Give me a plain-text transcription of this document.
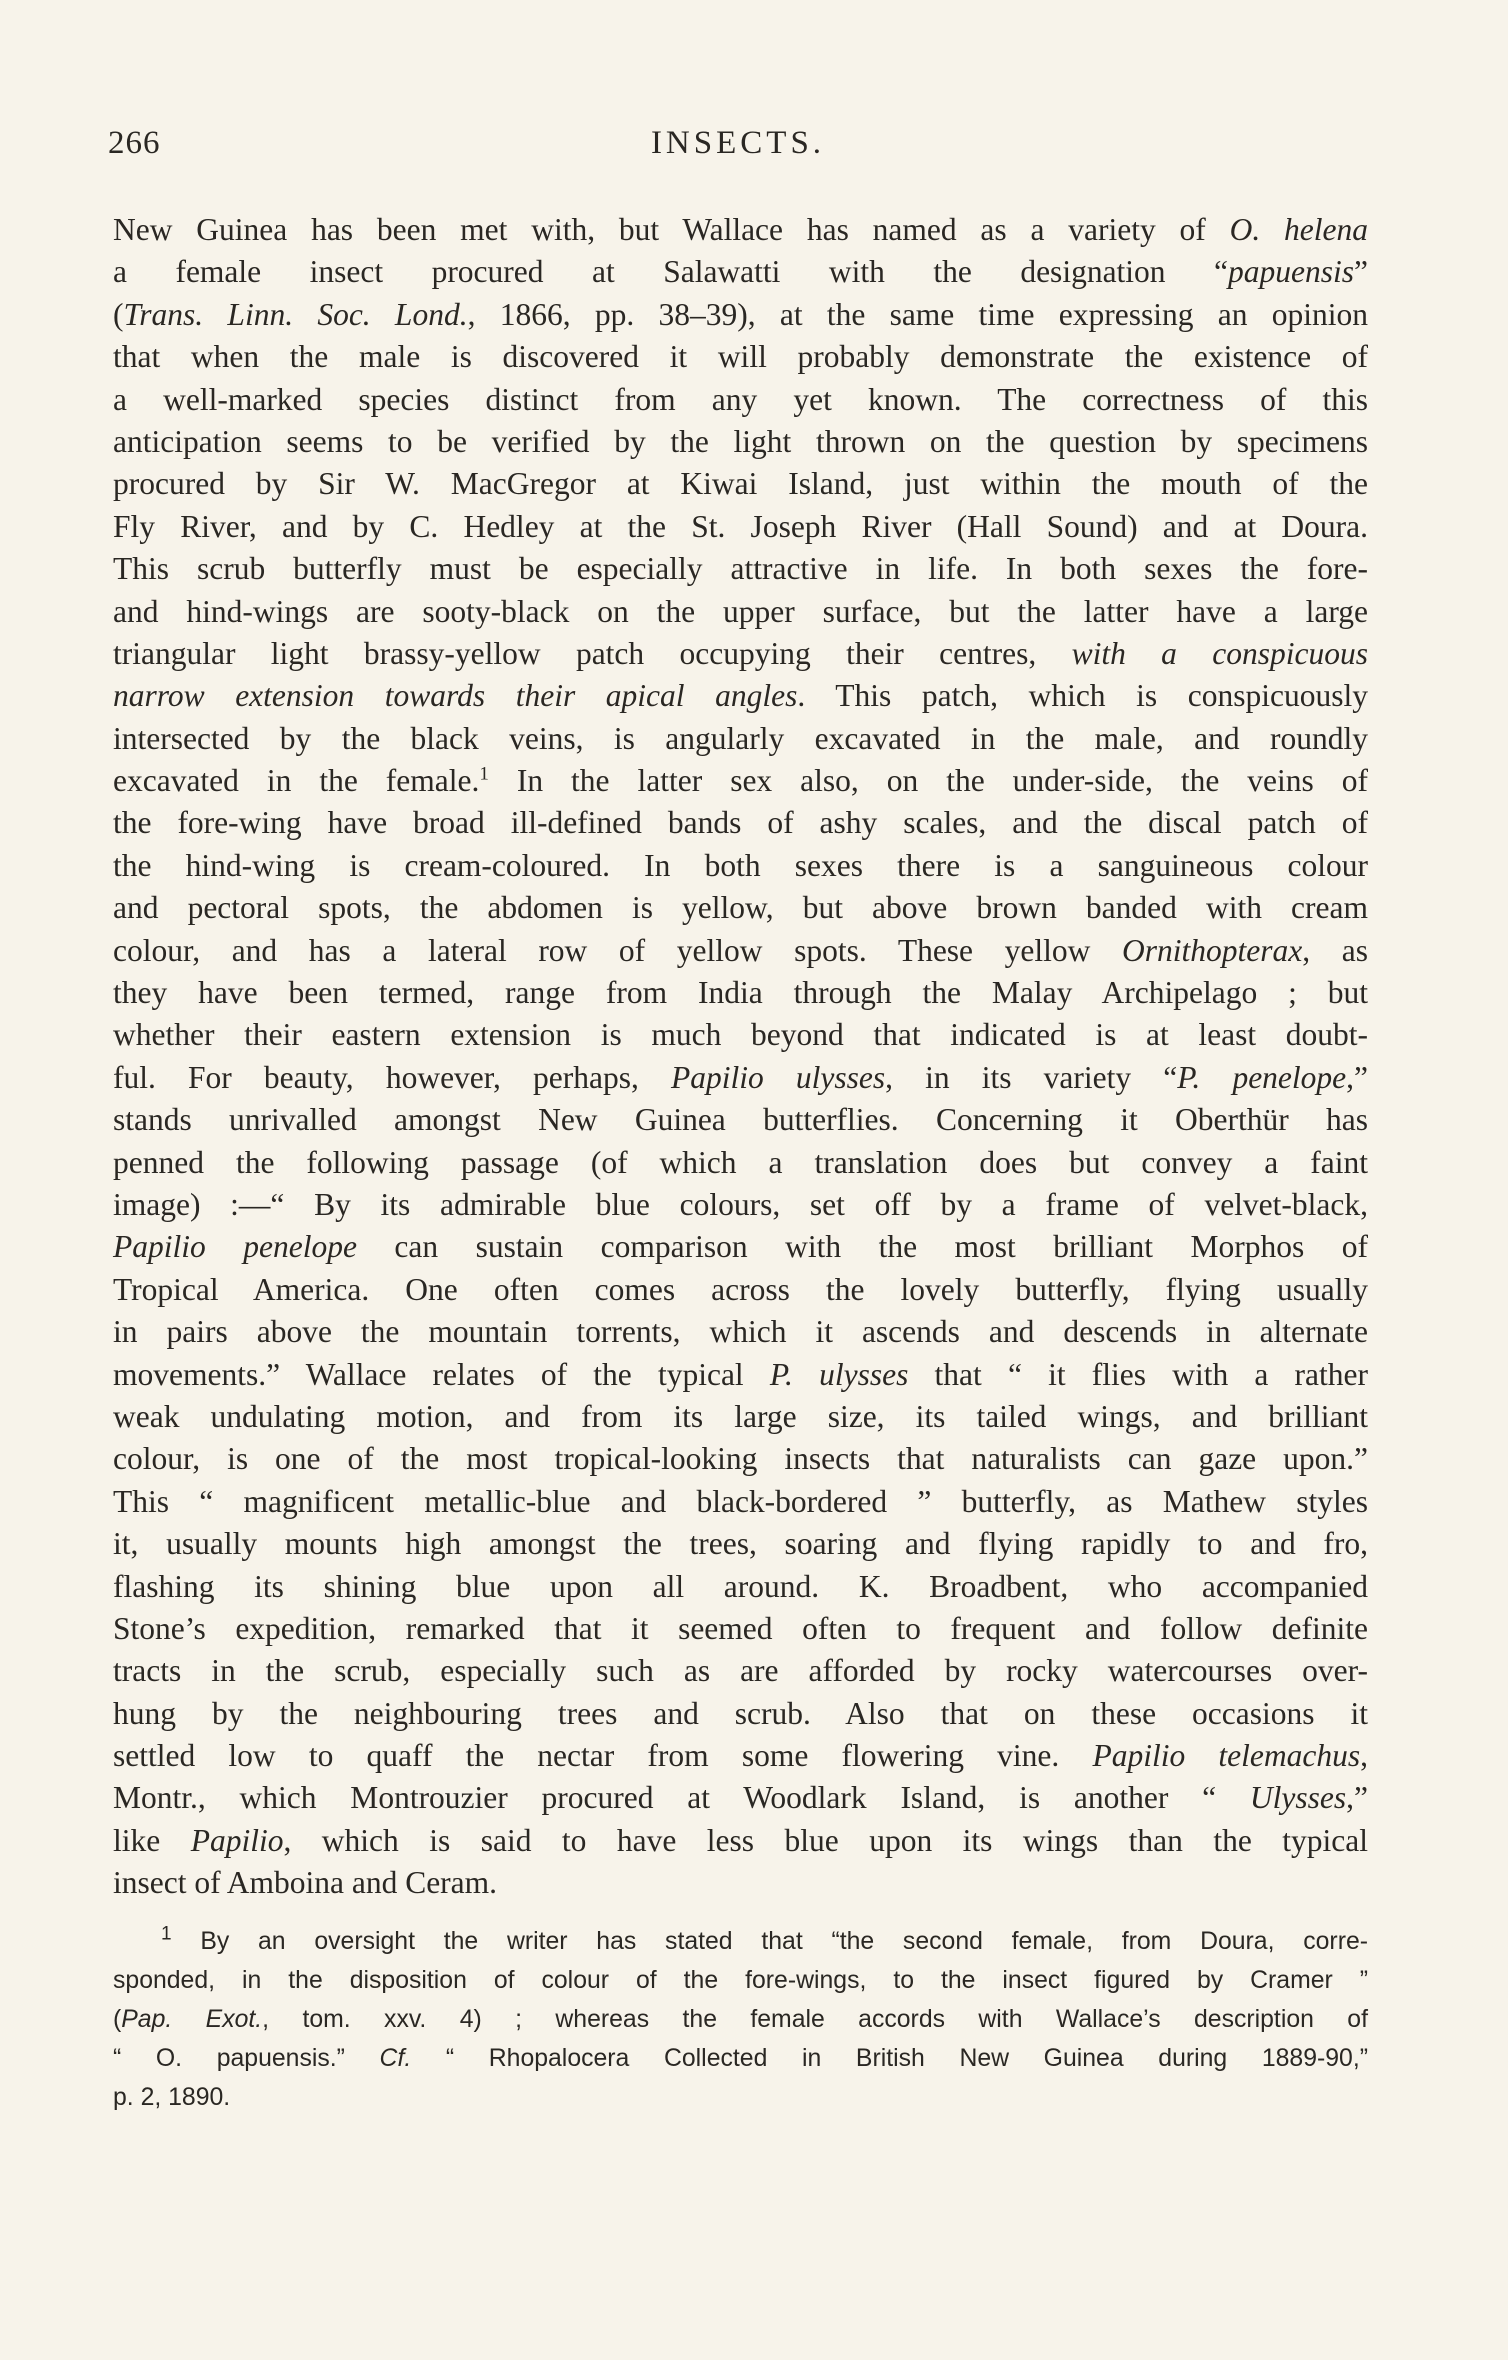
266	INSECTS.
New Guinea has been met with, but Wallace has named as a variety of O. helena
a female insect procured at Salawatti with the designation “papuensis”
(Trans. Linn. Soc. Lond., 1866, pp. 38–39), at the same time expressing an opinion
that when the male is discovered it will probably demonstrate the existence of
a well-marked species distinct from any yet known. The correctness of this
anticipation seems to be verified by the light thrown on the question by specimens
procured by Sir W. MacGregor at Kiwai Island, just within the mouth of the
Fly River, and by C. Hedley at the St. Joseph River (Hall Sound) and at Doura.
This scrub butterfly must be especially attractive in life. In both sexes the fore-
and hind-wings are sooty-black on the upper surface, but the latter have a large
triangular light brassy-yellow patch occupying their centres, with a conspicuous
narrow extension towards their apical angles. This patch, which is conspicuously
intersected by the black veins, is angularly excavated in the male, and roundly
excavated in the female.$^1$ In the latter sex also, on the under-side, the veins of
the fore-wing have broad ill-defined bands of ashy scales, and the discal patch of
the hind-wing is cream-coloured. In both sexes there is a sanguineous colour
and pectoral spots, the abdomen is yellow, but above brown banded with cream
colour, and has a lateral row of yellow spots. These yellow Ornithopterax, as
they have been termed, range from India through the Malay Archipelago ; but
whether their eastern extension is much beyond that indicated is at least doubt-
ful. For beauty, however, perhaps, Papilio ulysses, in its variety “P. penelope,”
stands unrivalled amongst New Guinea butterflies. Concerning it Oberthür has
penned the following passage (of which a translation does but convey a faint
image) :—“ By its admirable blue colours, set off by a frame of velvet-black,
Papilio penelope can sustain comparison with the most brilliant Morphos of
Tropical America. One often comes across the lovely butterfly, flying usually
in pairs above the mountain torrents, which it ascends and descends in alternate
movements.” Wallace relates of the typical P. ulysses that “ it flies with a rather
weak undulating motion, and from its large size, its tailed wings, and brilliant
colour, is one of the most tropical-looking insects that naturalists can gaze upon.”
This “ magnificent metallic-blue and black-bordered ” butterfly, as Mathew styles
it, usually mounts high amongst the trees, soaring and flying rapidly to and fro,
flashing its shining blue upon all around. K. Broadbent, who accompanied
Stone’s expedition, remarked that it seemed often to frequent and follow definite
tracts in the scrub, especially such as are afforded by rocky watercourses over-
hung by the neighbouring trees and scrub. Also that on these occasions it
settled low to quaff the nectar from some flowering vine. Papilio telemachus,
Montr., which Montrouzier procured at Woodlark Island, is another “ Ulysses,”
like Papilio, which is said to have less blue upon its wings than the typical
insect of Amboina and Ceram.
$^1$ By an oversight the writer has stated that “the second female, from Doura, corre-
sponded, in the disposition of colour of the fore-wings, to the insect figured by Cramer ”
(Pap. Exot., tom. xxv. 4) ; whereas the female accords with Wallace’s description of
“ O. papuensis.” Cf. “ Rhopalocera Collected in British New Guinea during 1889-90,”
p. 2, 1890.
